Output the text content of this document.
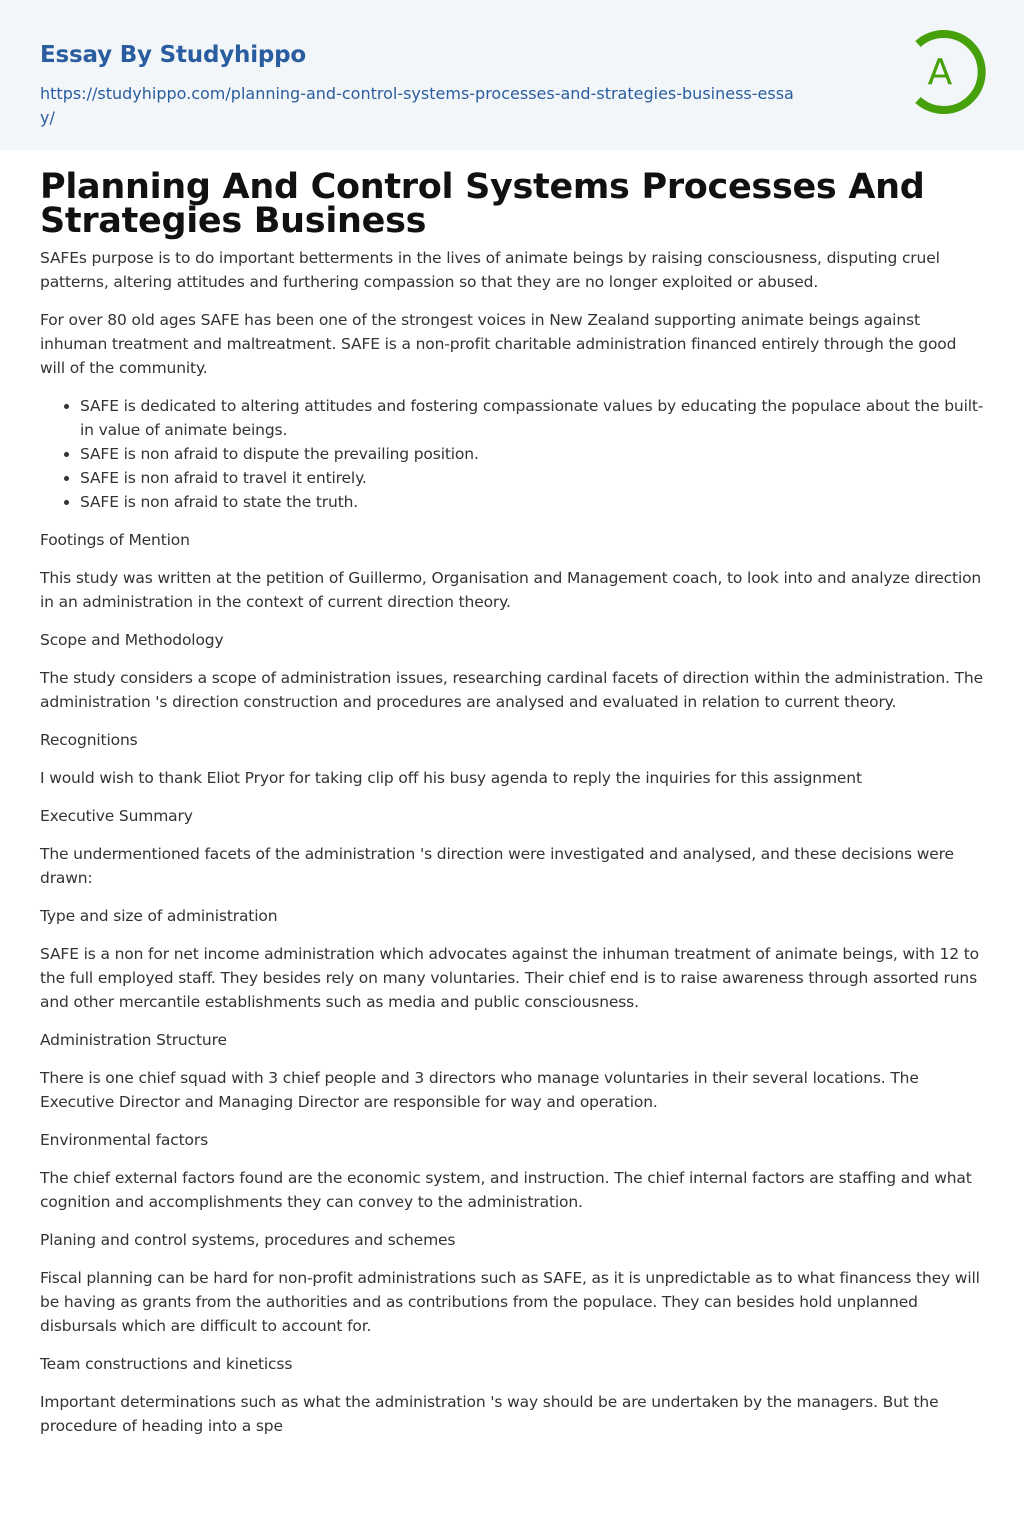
Essay By Studyhippo
https://studyhippo.com/planning-and-control-systems-processes-and-strategies-business-essay/
A
Planning And Control Systems Processes And Strategies Business

SAFEs purpose is to do important betterments in the lives of animate beings by raising consciousness, disputing cruel patterns, altering attitudes and furthering compassion so that they are no longer exploited or abused.

For over 80 old ages SAFE has been one of the strongest voices in New Zealand supporting animate beings against inhuman treatment and maltreatment. SAFE is a non-profit charitable administration financed entirely through the good will of the community.

• SAFE is dedicated to altering attitudes and fostering compassionate values by educating the populace about the built-in value of animate beings.
• SAFE is non afraid to dispute the prevailing position.
• SAFE is non afraid to travel it entirely.
• SAFE is non afraid to state the truth.

Footings of Mention

This study was written at the petition of Guillermo, Organisation and Management coach, to look into and analyze direction in an administration in the context of current direction theory.

Scope and Methodology

The study considers a scope of administration issues, researching cardinal facets of direction within the administration. The administration 's direction construction and procedures are analysed and evaluated in relation to current theory.

Recognitions

I would wish to thank Eliot Pryor for taking clip off his busy agenda to reply the inquiries for this assignment

Executive Summary

The undermentioned facets of the administration 's direction were investigated and analysed, and these decisions were drawn:

Type and size of administration

SAFE is a non for net income administration which advocates against the inhuman treatment of animate beings, with 12 to the full employed staff. They besides rely on many voluntaries. Their chief end is to raise awareness through assorted runs and other mercantile establishments such as media and public consciousness.

Administration Structure

There is one chief squad with 3 chief people and 3 directors who manage voluntaries in their several locations. The Executive Director and Managing Director are responsible for way and operation.

Environmental factors

The chief external factors found are the economic system, and instruction. The chief internal factors are staffing and what cognition and accomplishments they can convey to the administration.

Planing and control systems, procedures and schemes

Fiscal planning can be hard for non-profit administrations such as SAFE, as it is unpredictable as to what financess they will be having as grants from the authorities and as contributions from the populace. They can besides hold unplanned disbursals which are difficult to account for.

Team constructions and kineticss

Important determinations such as what the administration 's way should be are undertaken by the managers. But the procedure of heading into a spe
